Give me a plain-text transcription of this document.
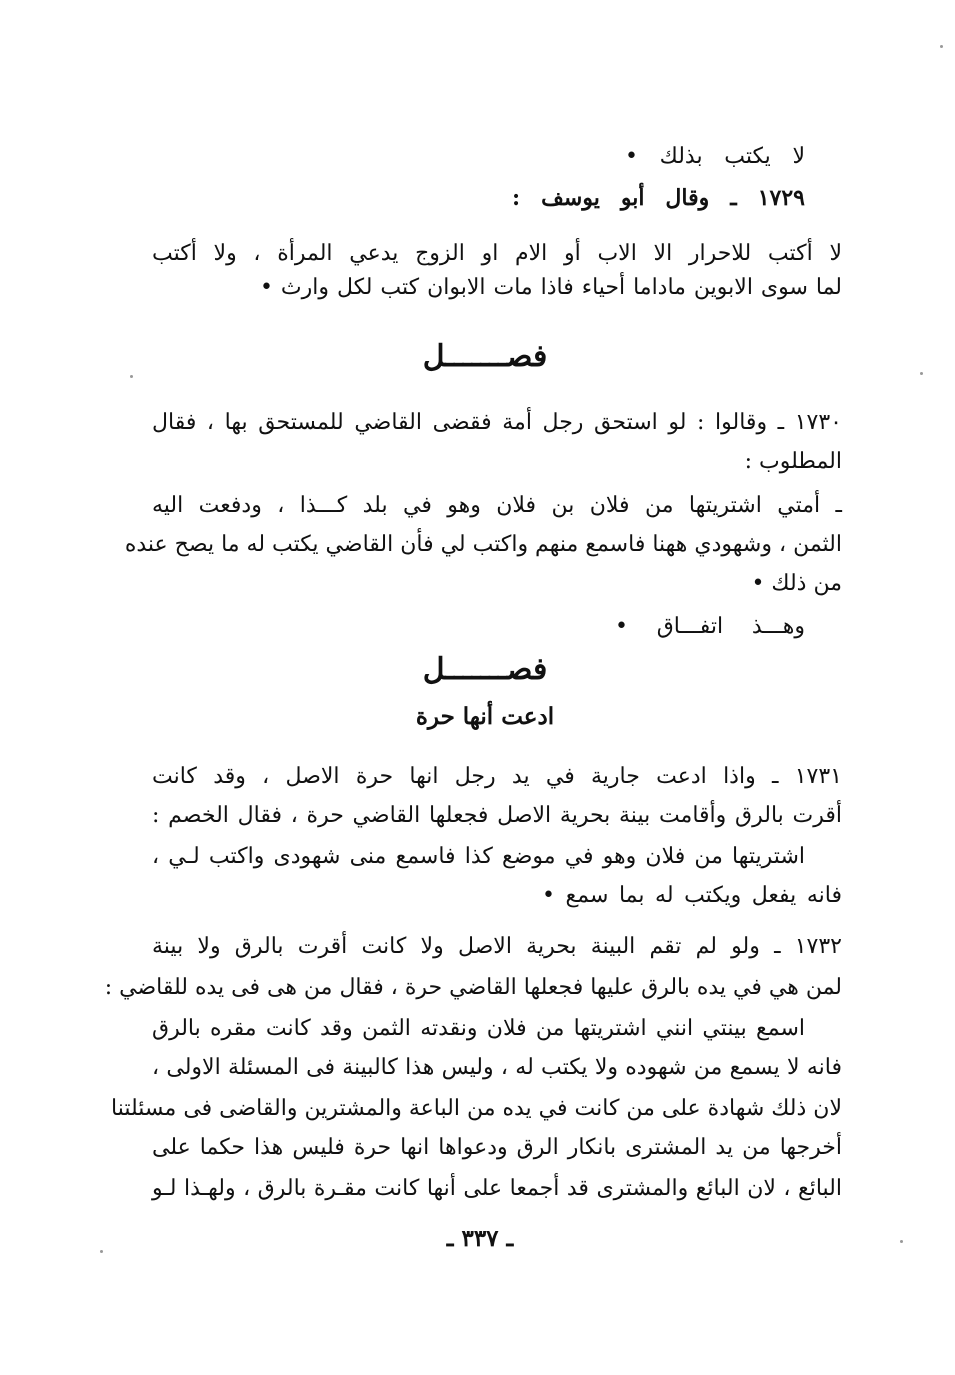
لا يكتب بذلك •
١٧٢٩ ـ وقال أبو يوسف :
لا أكتب للاحرار الا الاب أو الام او الزوج يدعي المرأة ، ولا أكتب
لما سوى الابوين ماداما أحياء فاذا مات الابوان كتب لكل وارث •
فصـــــــل
١٧٣٠ ـ وقالوا : لو استحق رجل أمة فقضى القاضي للمستحق بها ، فقال
المطلوب :
ـ أمتي اشتريتها من فلان بن فلان وهو في بلد كـــذا ، ودفعت اليه
الثمن ، وشهودي ههنا فاسمع منهم واكتب لي فأن القاضي يكتب له ما يصح عنده
من ذلك •
وهـــذ اتفـــاق •
فصـــــــل
ادعت أنها حرة
١٧٣١ ـ واذا ادعت جارية في يد رجل انها حرة الاصل ، وقد كانت
أقرت بالرق وأقامت بينة بحرية الاصل فجعلها القاضي حرة ، فقال الخصم :
اشتريتها من فلان وهو في موضع كذا فاسمع منى شهودى واكتب لـي ،
فانه يفعل ويكتب له بما سمع •
١٧٣٢ ـ ولو لم تقم البينة بحرية الاصل ولا كانت أقرت بالرق ولا بينة
لمن هي في يده بالرق عليها فجعلها القاضي حرة ، فقال من هى فى يده للقاضي :
اسمع بينتي انني اشتريتها من فلان ونقدته الثمن وقد كانت مقره بالرق
فانه لا يسمع من شهوده ولا يكتب له ، وليس هذا كالبينة فى المسئلة الاولى ،
لان ذلك شهادة على من كانت في يده من الباعة والمشترين والقاضى فى مسئلتنا
أخرجها من يد المشترى بانكار الرق ودعواها انها حرة فليس هذا حكما على
البائع ، لان البائع والمشترى قد أجمعا على أنها كانت مقـرة بالرق ، ولهـذا لـو
ـ ٣٣٧ ـ
